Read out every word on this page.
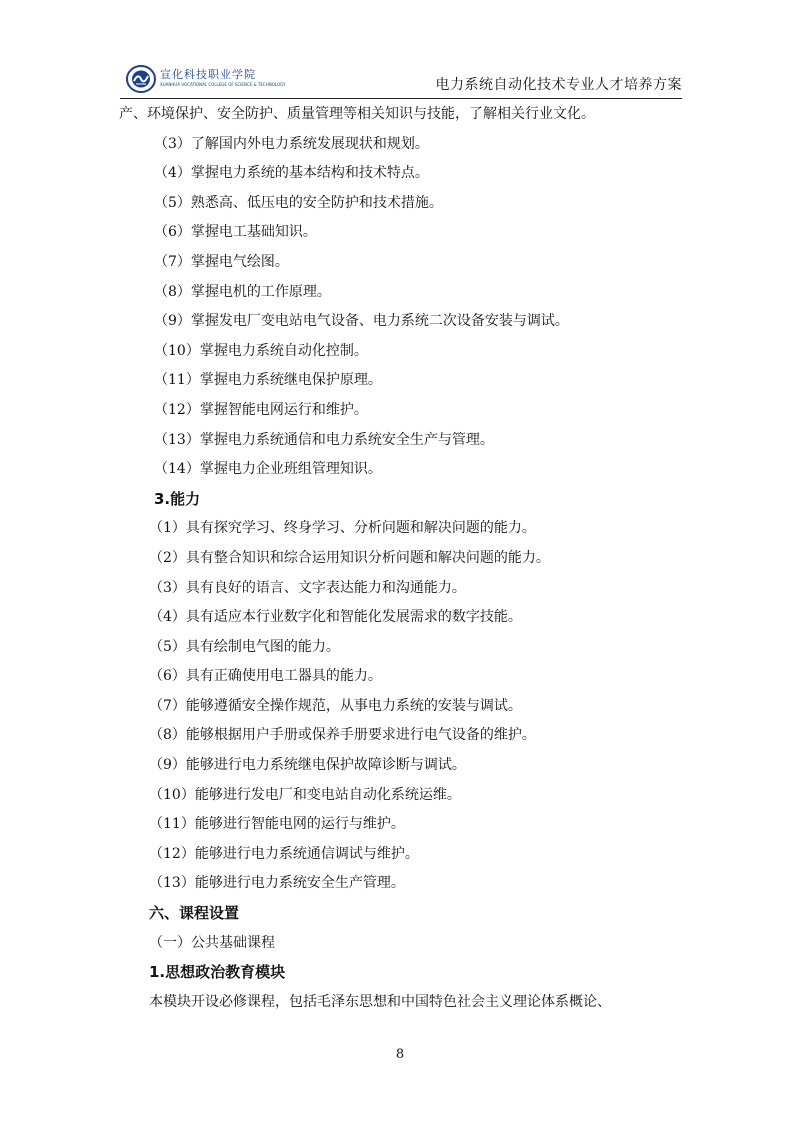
宣化科技职业学院
XUANHUA VOCATIONAL COLLEGE OF SCIENCE & TECHNOLOGY	电力系统自动化技术专业人才培养方案
产、环境保护、安全防护、质量管理等相关知识与技能，了解相关行业文化。
（3）了解国内外电力系统发展现状和规划。
（4）掌握电力系统的基本结构和技术特点。
（5）熟悉高、低压电的安全防护和技术措施。
（6）掌握电工基础知识。
（7）掌握电气绘图。
（8）掌握电机的工作原理。
（9）掌握发电厂变电站电气设备、电力系统二次设备安装与调试。
（10）掌握电力系统自动化控制。
（11）掌握电力系统继电保护原理。
（12）掌握智能电网运行和维护。
（13）掌握电力系统通信和电力系统安全生产与管理。
（14）掌握电力企业班组管理知识。
3.能力
（1）具有探究学习、终身学习、分析问题和解决问题的能力。
（2）具有整合知识和综合运用知识分析问题和解决问题的能力。
（3）具有良好的语言、文字表达能力和沟通能力。
（4）具有适应本行业数字化和智能化发展需求的数字技能。
（5）具有绘制电气图的能力。
（6）具有正确使用电工器具的能力。
（7）能够遵循安全操作规范，从事电力系统的安装与调试。
（8）能够根据用户手册或保养手册要求进行电气设备的维护。
（9）能够进行电力系统继电保护故障诊断与调试。
（10）能够进行发电厂和变电站自动化系统运维。
（11）能够进行智能电网的运行与维护。
（12）能够进行电力系统通信调试与维护。
（13）能够进行电力系统安全生产管理。
六、课程设置
（一）公共基础课程
1.思想政治教育模块
本模块开设必修课程，包括毛泽东思想和中国特色社会主义理论体系概论、
8
